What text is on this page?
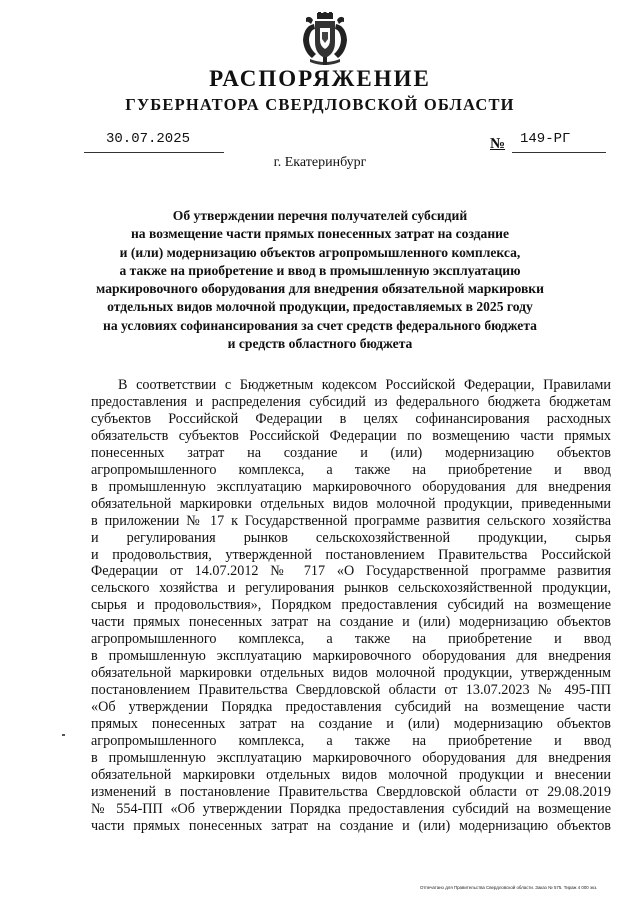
РАСПОРЯЖЕНИЕ
ГУБЕРНАТОРА СВЕРДЛОВСКОЙ ОБЛАСТИ
30.07.2025	№ 149-РГ
г. Екатеринбург
Об утверждении перечня получателей субсидий
на возмещение части прямых понесенных затрат на создание
и (или) модернизацию объектов агропромышленного комплекса,
а также на приобретение и ввод в промышленную эксплуатацию
маркировочного оборудования для внедрения обязательной маркировки
отдельных видов молочной продукции, предоставляемых в 2025 году
на условиях софинансирования за счет средств федерального бюджета
и средств областного бюджета
В соответствии с Бюджетным кодексом Российской Федерации, Правилами
предоставления и распределения субсидий из федерального бюджета бюджетам
субъектов Российской Федерации в целях софинансирования расходных
обязательств субъектов Российской Федерации по возмещению части прямых
понесенных затрат на создание и (или) модернизацию объектов
агропромышленного комплекса, а также на приобретение и ввод
в промышленную эксплуатацию маркировочного оборудования для внедрения
обязательной маркировки отдельных видов молочной продукции, приведенными
в приложении № 17 к Государственной программе развития сельского хозяйства
и регулирования рынков сельскохозяйственной продукции, сырья
и продовольствия, утвержденной постановлением Правительства Российской
Федерации от 14.07.2012 № 717 «О Государственной программе развития
сельского хозяйства и регулирования рынков сельскохозяйственной продукции,
сырья и продовольствия», Порядком предоставления субсидий на возмещение
части прямых понесенных затрат на создание и (или) модернизацию объектов
агропромышленного комплекса, а также на приобретение и ввод
в промышленную эксплуатацию маркировочного оборудования для внедрения
обязательной маркировки отдельных видов молочной продукции, утвержденным
постановлением Правительства Свердловской области от 13.07.2023 № 495-ПП
«Об утверждении Порядка предоставления субсидий на возмещение части
прямых понесенных затрат на создание и (или) модернизацию объектов
агропромышленного комплекса, а также на приобретение и ввод
в промышленную эксплуатацию маркировочного оборудования для внедрения
обязательной маркировки отдельных видов молочной продукции и внесении
изменений в постановление Правительства Свердловской области от 29.08.2019
№ 554-ПП «Об утверждении Порядка предоставления субсидий на возмещение
части прямых понесенных затрат на создание и (или) модернизацию объектов
Отпечатано для Правительства Свердловской области. Заказ № 575. Тираж 4 000 экз.
